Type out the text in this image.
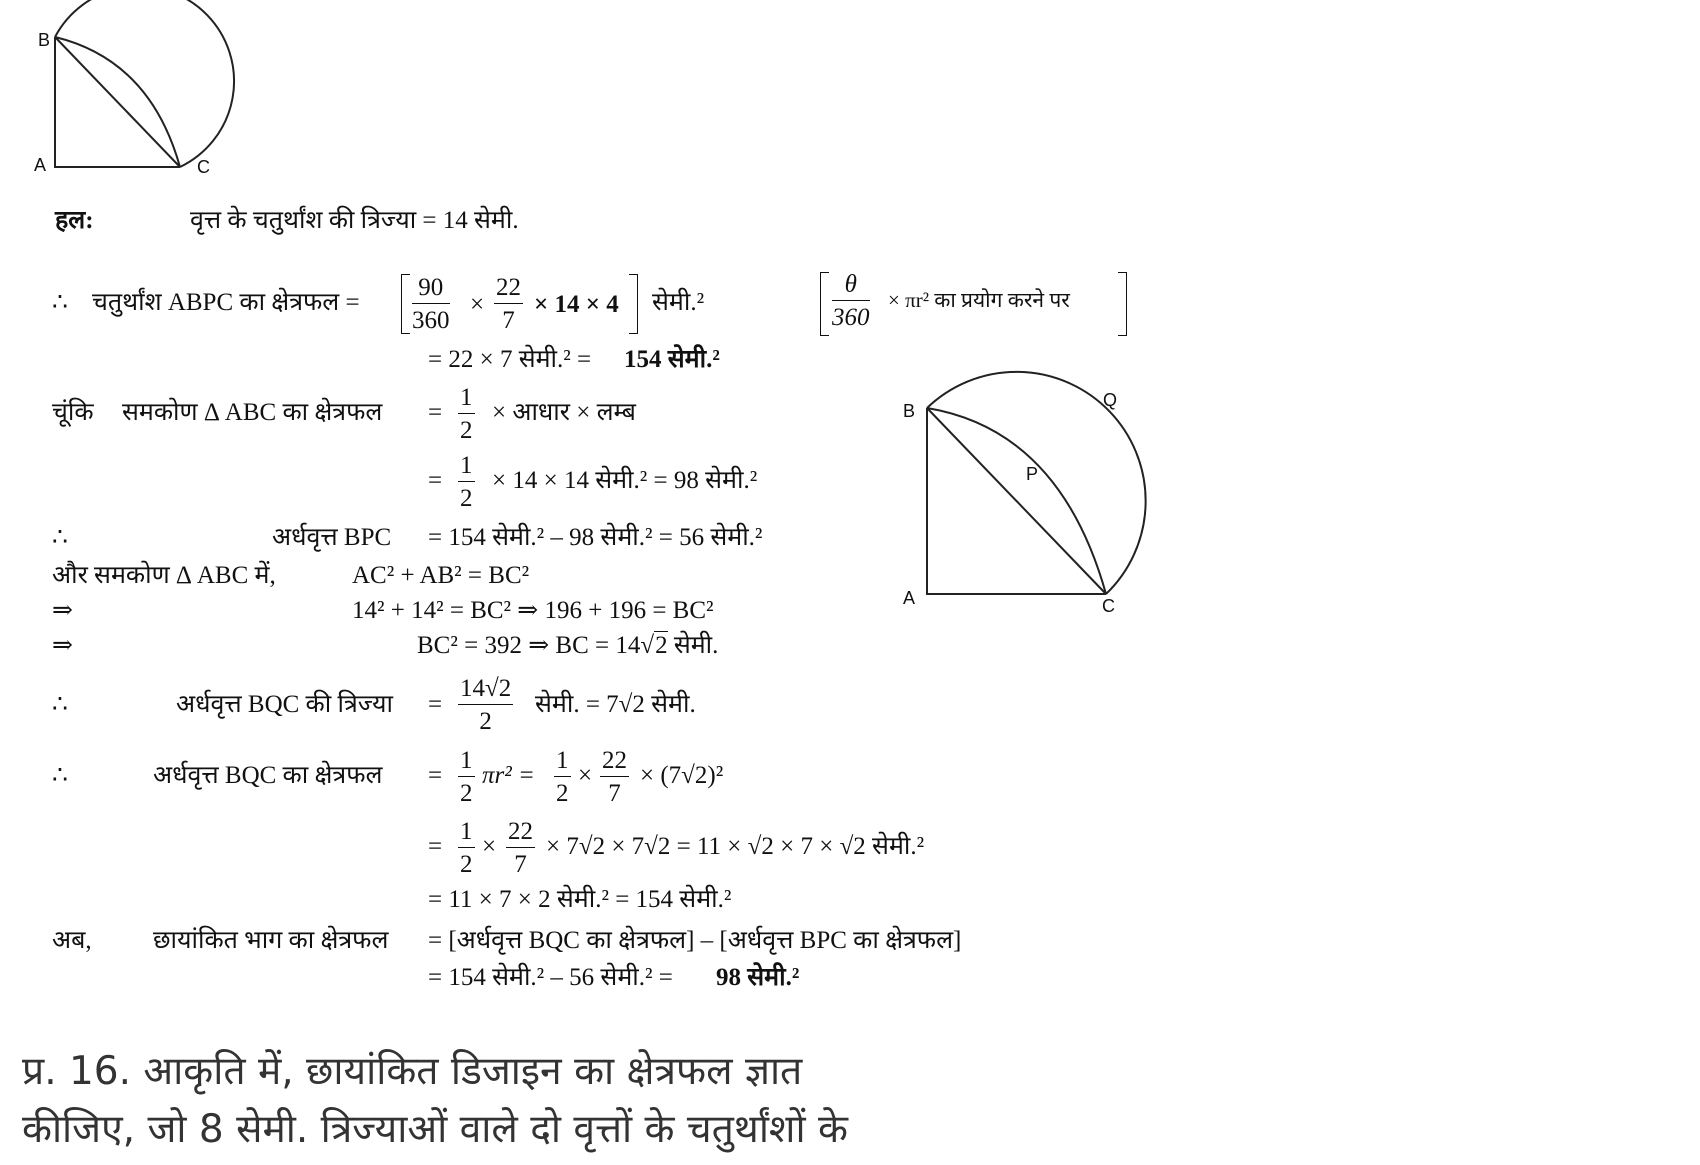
B
A	C
B
A	C
P
Q
हल:	वृत्त के चतुर्थांश की त्रिज्या = 14 सेमी.
∴ चतुर्थांश ABPC का क्षेत्रफल = $\frac{90}{360} \times \frac{22}{7} \times 14 \times 4$ सेमी.²	$\frac{\theta}{360} \times \pi r^2$ का प्रयोग करने पर
= 22 × 7 सेमी.² = 154 सेमी.²
चूंकि समकोण Δ ABC का क्षेत्रफल = $\frac{1}{2}$ × आधार × लम्ब
= $\frac{1}{2} \times 14 \times 14$ सेमी.² = 98 सेमी.²
∴	अर्धवृत्त BPC = 154 सेमी.² – 98 सेमी.² = 56 सेमी.²
और समकोण Δ ABC में,	AC² + AB² = BC²
⇒	14² + 14² = BC² ⇒ 196 + 196 = BC²
⇒	BC² = 392 ⇒ BC = 14√2 सेमी.
∴	अर्धवृत्त BQC की त्रिज्या = $\frac{14√2}{2}$ सेमी. = 7√2 सेमी.
∴	अर्धवृत्त BQC का क्षेत्रफल = $\frac{1}{2} \pi r^2 = \frac{1}{2} \times \frac{22}{7} \times (7√2)^2$
= $\frac{1}{2} \times \frac{22}{7} \times 7√2 \times 7√2 = 11 \times √2 \times 7 \times √2$ सेमी.²
= 11 × 7 × 2 सेमी.² = 154 सेमी.²
अब, छायांकित भाग का क्षेत्रफल = [अर्धवृत्त BQC का क्षेत्रफल] – [अर्धवृत्त BPC का क्षेत्रफल]
= 154 सेमी.² – 56 सेमी.² = 98 सेमी.²
प्र. 16. आकृति में, छायांकित डिजाइन का क्षेत्रफल ज्ञात
कीजिए, जो 8 सेमी. त्रिज्याओं वाले दो वृत्तों के चतुर्थांशों के
